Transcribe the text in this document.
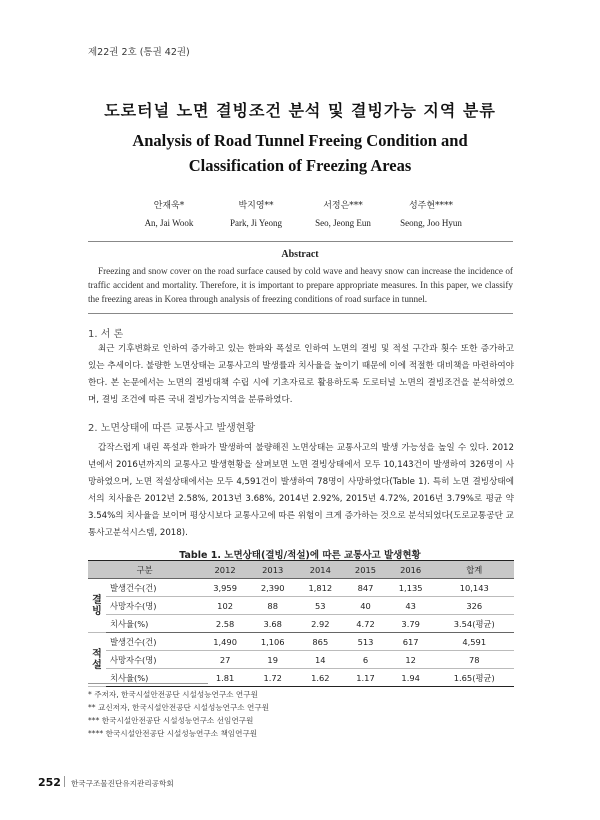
제22권 2호 (통권 42권)
도로터널 노면 결빙조건 분석 및 결빙가능 지역 분류
Analysis of Road Tunnel Freeing Condition and
Classification of Freezing Areas
안재욱*
An, Jai Wook
박지영**
Park, Ji Yeong
서정은***
Seo, Jeong Eun
성주현****
Seong, Joo Hyun
Abstract
Freezing and snow cover on the road surface caused by cold wave and heavy snow can increase the incidence of traffic accident and mortality. Therefore, it is important to prepare appropriate measures. In this paper, we classify the freezing areas in Korea through analysis of freezing conditions of road surface in tunnel.
1. 서 론
최근 기후변화로 인하여 증가하고 있는 한파와 폭설로 인하여 노면의 결빙 및 적설 구간과 횟수 또한 증가하고 있는 추세이다. 불량한 노면상태는 교통사고의 발생률과 치사율을 높이기 때문에 이에 적절한 대비책을 마련하여야 한다. 본 논문에서는 노면의 결빙대책 수립 시에 기초자료로 활용하도록 도로터널 노면의 결빙조건을 분석하였으며, 결빙 조건에 따른 국내 결빙가능지역을 분류하였다.
2. 노면상태에 따른 교통사고 발생현황
갑작스럽게 내린 폭설과 한파가 발생하여 불량해진 노면상태는 교통사고의 발생 가능성을 높일 수 있다. 2012년에서 2016년까지의 교통사고 발생현황을 살펴보면 노면 결빙상태에서 모두 10,143건이 발생하여 326명이 사망하였으며, 노면 적설상태에서는 모두 4,591건이 발생하여 78명이 사망하였다(Table 1). 특히 노면 결빙상태에서의 치사율은 2012년 2.58%, 2013년 3.68%, 2014년 2.92%, 2015년 4.72%, 2016년 3.79%로 평균 약 3.54%의 치사율을 보이며 평상시보다 교통사고에 따른 위험이 크게 증가하는 것으로 분석되었다(도로교통공단 교통사고분석시스템, 2018).
Table 1. 노면상태(결빙/적설)에 따른 교통사고 발생현황
구분		2012	2013	2014	2015	2016	합계
결빙	발생건수(건)	3,959	2,390	1,812	847	1,135	10,143
	사망자수(명)	102	88	53	40	43	326
	치사율(%)	2.58	3.68	2.92	4.72	3.79	3.54(평균)
적설	발생건수(건)	1,490	1,106	865	513	617	4,591
	사망자수(명)	27	19	14	6	12	78
	치사율(%)	1.81	1.72	1.62	1.17	1.94	1.65(평균)
* 주저자, 한국시설안전공단 시설성능연구소 연구원
** 교신저자, 한국시설안전공단 시설성능연구소 연구원
*** 한국시설안전공단 시설성능연구소 선임연구원
**** 한국시설안전공단 시설성능연구소 책임연구원
252 한국구조물진단유지관리공학회
